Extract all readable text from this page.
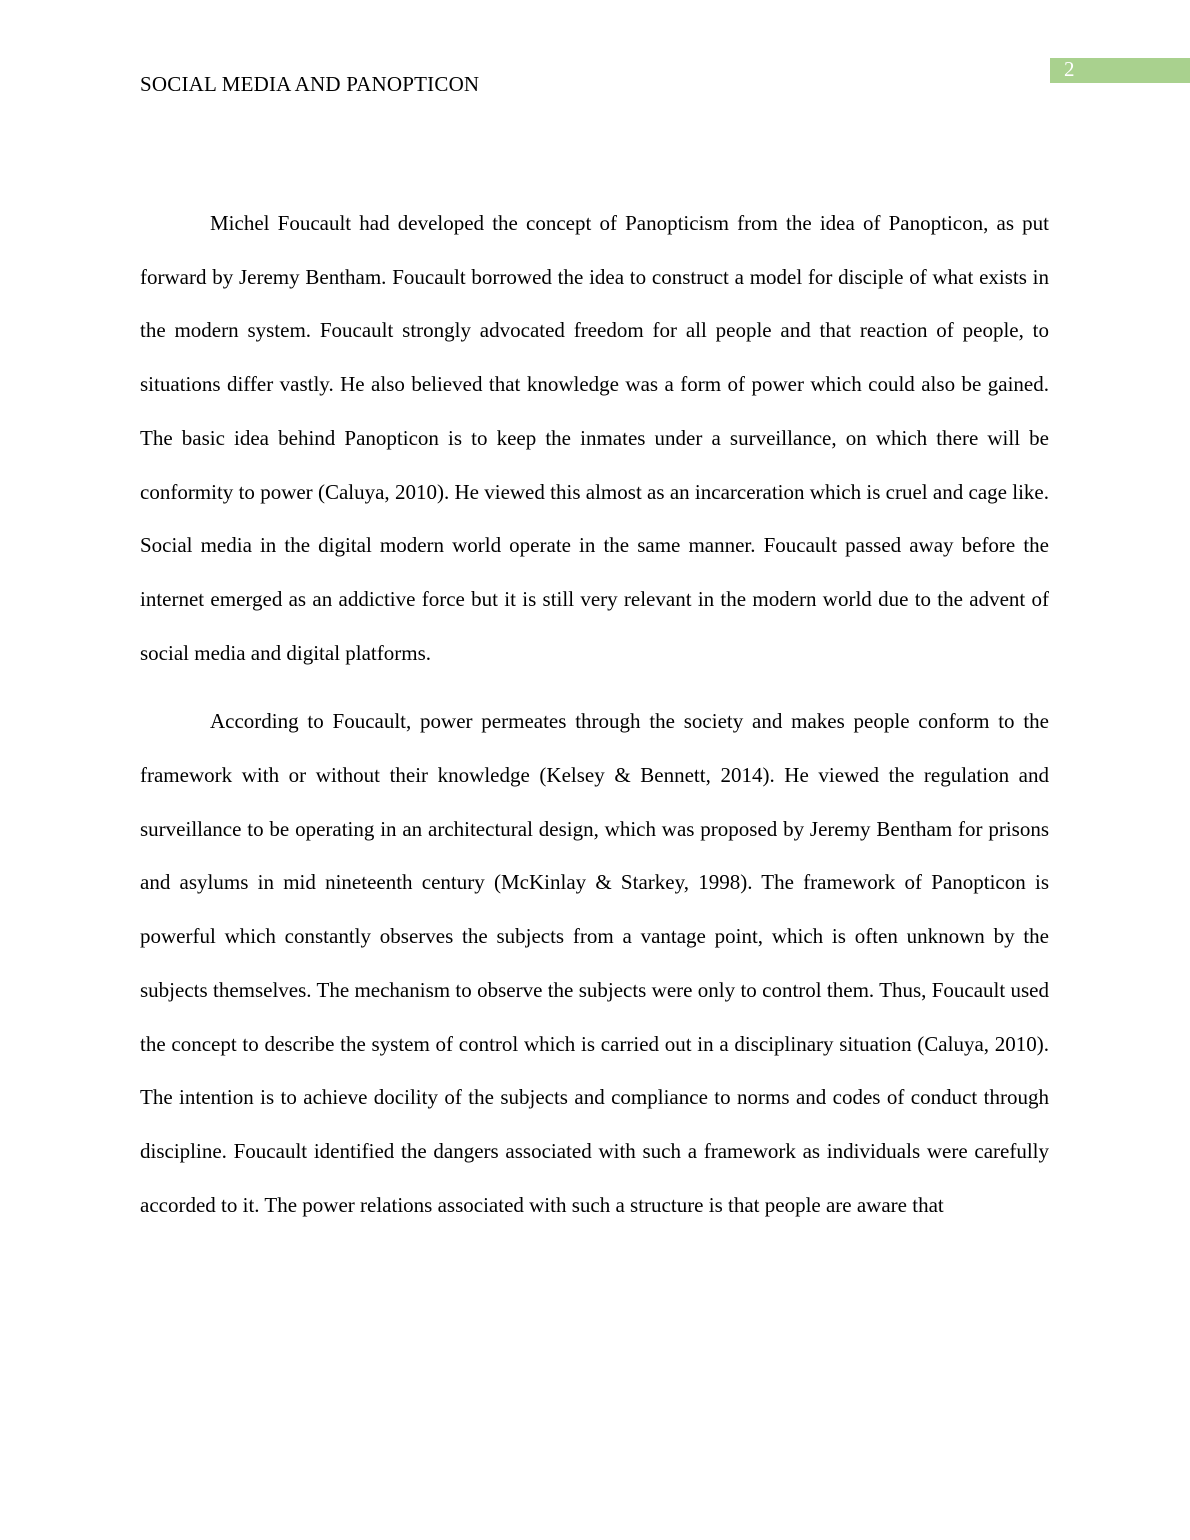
SOCIAL MEDIA AND PANOPTICON
2

Michel Foucault had developed the concept of Panopticism from the idea of Panopticon, as put forward by Jeremy Bentham. Foucault borrowed the idea to construct a model for disciple of what exists in the modern system. Foucault strongly advocated freedom for all people and that reaction of people, to situations differ vastly. He also believed that knowledge was a form of power which could also be gained. The basic idea behind Panopticon is to keep the inmates under a surveillance, on which there will be conformity to power (Caluya, 2010). He viewed this almost as an incarceration which is cruel and cage like. Social media in the digital modern world operate in the same manner. Foucault passed away before the internet emerged as an addictive force but it is still very relevant in the modern world due to the advent of social media and digital platforms.

According to Foucault, power permeates through the society and makes people conform to the framework with or without their knowledge (Kelsey & Bennett, 2014). He viewed the regulation and surveillance to be operating in an architectural design, which was proposed by Jeremy Bentham for prisons and asylums in mid nineteenth century (McKinlay & Starkey, 1998). The framework of Panopticon is powerful which constantly observes the subjects from a vantage point, which is often unknown by the subjects themselves. The mechanism to observe the subjects were only to control them. Thus, Foucault used the concept to describe the system of control which is carried out in a disciplinary situation (Caluya, 2010). The intention is to achieve docility of the subjects and compliance to norms and codes of conduct through discipline. Foucault identified the dangers associated with such a framework as individuals were carefully accorded to it. The power relations associated with such a structure is that people are aware that
